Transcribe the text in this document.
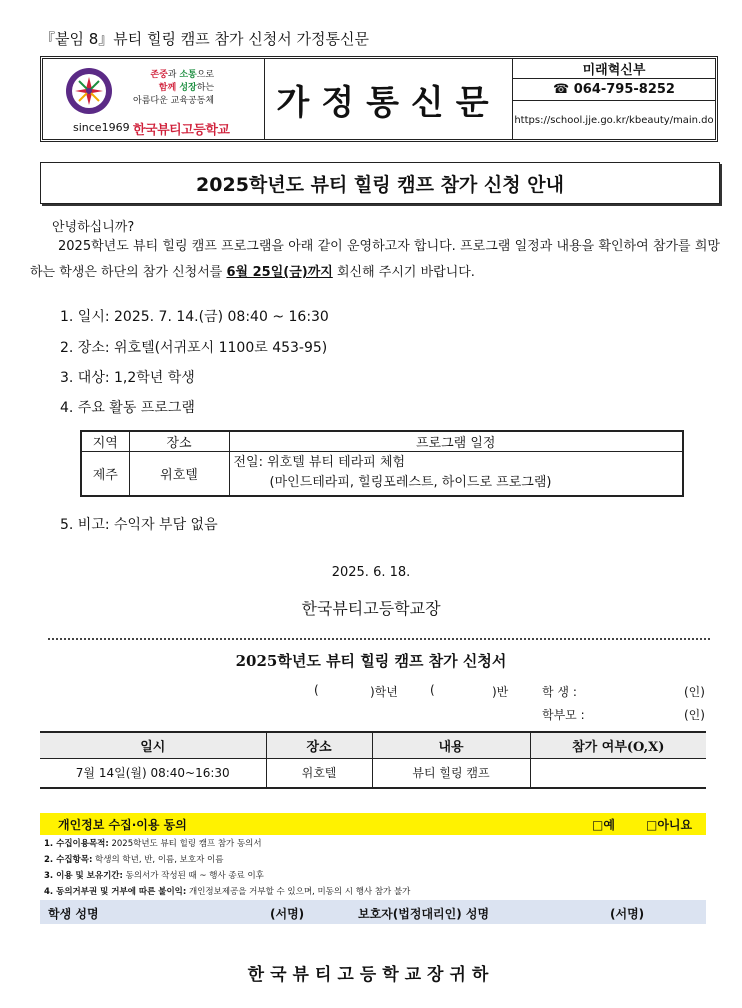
『붙임 8』뷰티 힐링 캠프 참가 신청서 가정통신문
존중과 소통으로
함께 성장하는
아름다운 교육공동체
since1969 한국뷰티고등학교
가정통신문
미래혁신부
☎ 064-795-8252
https://school.jje.go.kr/kbeauty/main.do
2025학년도 뷰티 힐링 캠프 참가 신청 안내
안녕하십니까?
2025학년도 뷰티 힐링 캠프 프로그램을 아래 같이 운영하고자 합니다. 프로그램 일정과 내용을 확인하여 참가를 희망하는 학생은 하단의 참가 신청서를 6월 25일(금)까지 회신해 주시기 바랍니다.
1. 일시: 2025. 7. 14.(금) 08:40 ~ 16:30
2. 장소: 위호텔(서귀포시 1100로 453-95)
3. 대상: 1,2학년 학생
4. 주요 활동 프로그램
지역	장소	프로그램 일정
제주	위호텔	전일: 위호텔 뷰티 테라피 체험
(마인드테라피, 힐링포레스트, 하이드로 프로그램)
5. 비고: 수익자 부담 없음
2025. 6. 18.
한국뷰티고등학교장
2025학년도 뷰티 힐링 캠프 참가 신청서
(	)학년	(	)반	학 생 :	(인)
학부모 :	(인)
일시	장소	내용	참가 여부(O,X)
7월 14일(월) 08:40~16:30	위호텔	뷰티 힐링 캠프	
개인정보 수집·이용 동의	□예	□아니요
1. 수집이용목적: 2025학년도 뷰티 힐링 캠프 참가 동의서
2. 수집항목: 학생의 학년, 반, 이름, 보호자 이름
3. 이용 및 보유기간: 동의서가 작성된 때 ~ 행사 종료 이후
4. 동의거부권 및 거부에 따른 불이익: 개인정보제공을 거부할 수 있으며, 미동의 시 행사 참가 불가
학생 성명	(서명)	보호자(법정대리인) 성명	(서명)
한국뷰티고등학교장귀하
